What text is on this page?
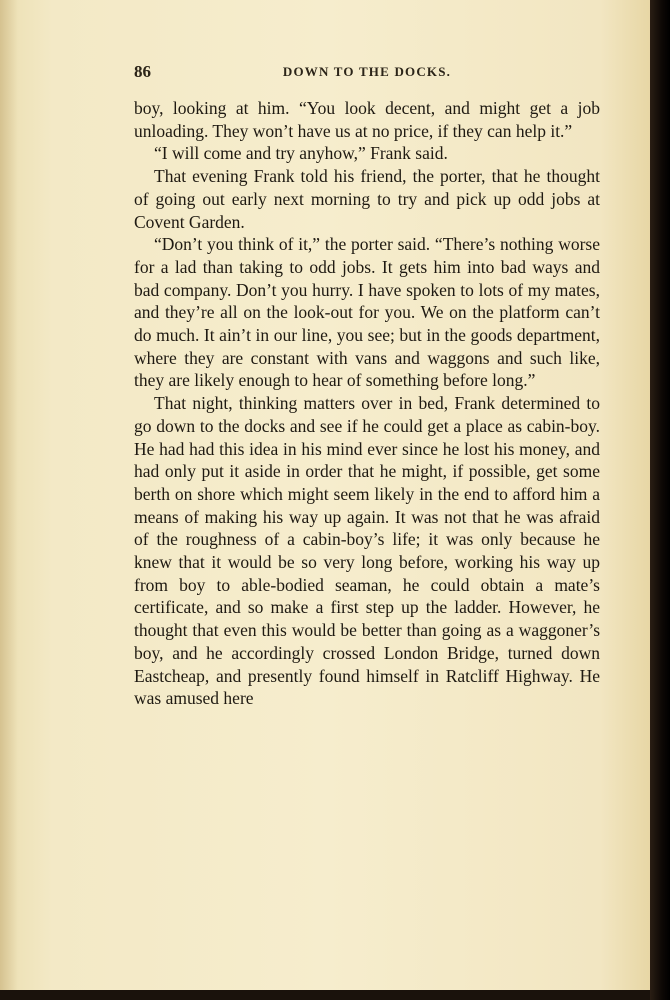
86	DOWN TO THE DOCKS.

boy, looking at him. “You look decent, and might get a job unloading. They won’t have us at no price, if they can help it.”

“I will come and try anyhow,” Frank said.

That evening Frank told his friend, the porter, that he thought of going out early next morning to try and pick up odd jobs at Covent Garden.

“Don’t you think of it,” the porter said. “There’s nothing worse for a lad than taking to odd jobs. It gets him into bad ways and bad company. Don’t you hurry. I have spoken to lots of my mates, and they’re all on the look-out for you. We on the platform can’t do much. It ain’t in our line, you see; but in the goods department, where they are constant with vans and waggons and such like, they are likely enough to hear of something before long.”

That night, thinking matters over in bed, Frank determined to go down to the docks and see if he could get a place as cabin-boy. He had had this idea in his mind ever since he lost his money, and had only put it aside in order that he might, if possible, get some berth on shore which might seem likely in the end to afford him a means of making his way up again. It was not that he was afraid of the roughness of a cabin-boy’s life; it was only because he knew that it would be so very long before, working his way up from boy to able-bodied seaman, he could obtain a mate’s certificate, and so make a first step up the ladder. However, he thought that even this would be better than going as a waggoner’s boy, and he accordingly crossed London Bridge, turned down Eastcheap, and presently found himself in Ratcliff Highway. He was amused here
